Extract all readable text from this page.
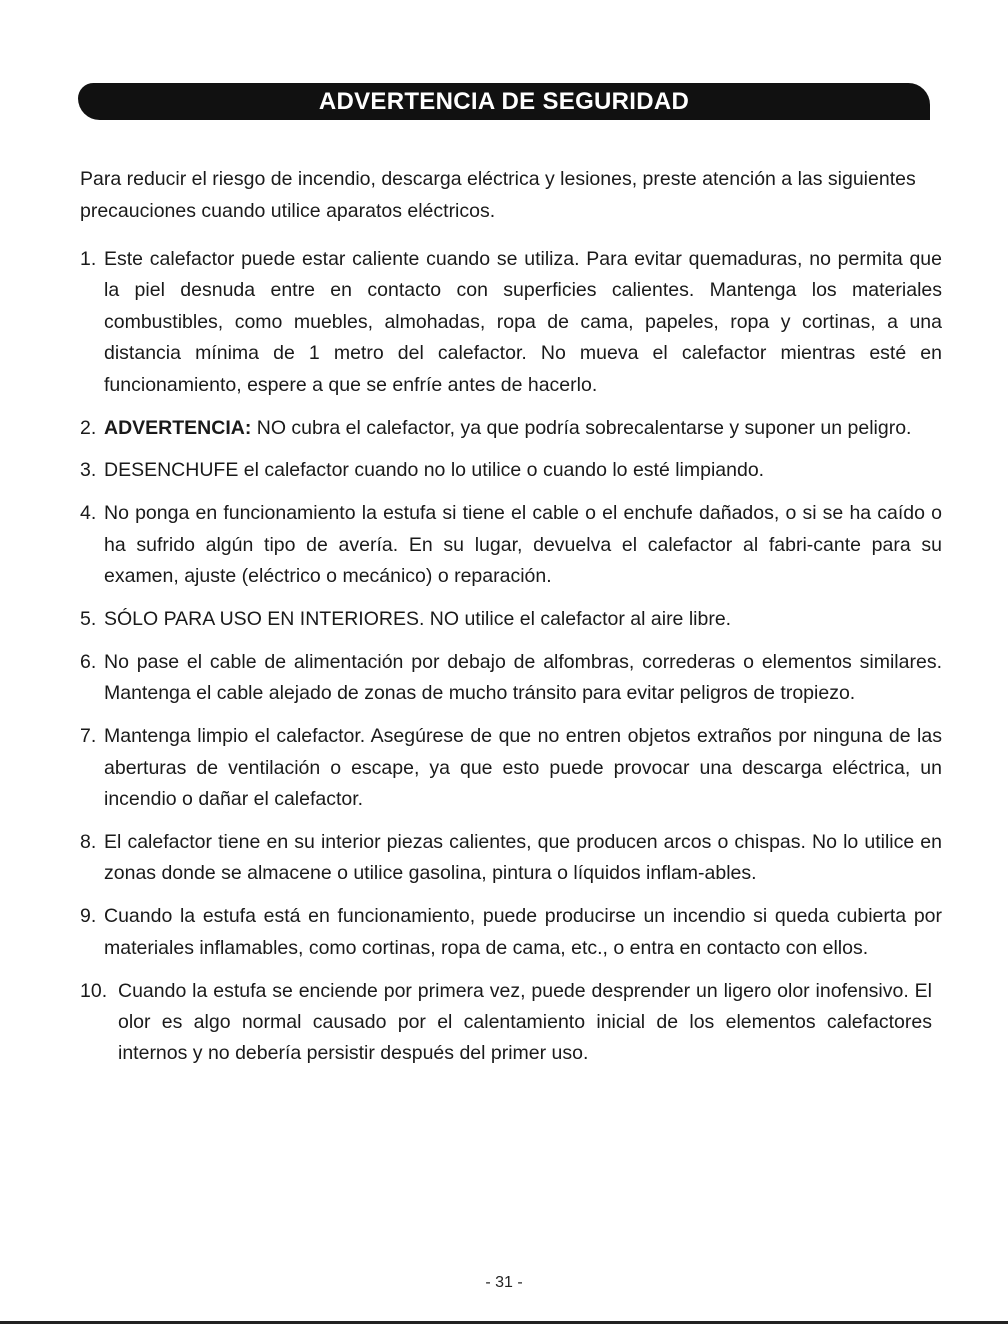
ADVERTENCIA DE SEGURIDAD

Para reducir el riesgo de incendio, descarga eléctrica y lesiones, preste atención a las siguientes precauciones cuando utilice aparatos eléctricos.

1. Este calefactor puede estar caliente cuando se utiliza. Para evitar quemaduras, no permita que la piel desnuda entre en contacto con superficies calientes. Mantenga los materiales combustibles, como muebles, almohadas, ropa de cama, papeles, ropa y cortinas, a una distancia mínima de 1 metro del calefactor. No mueva el calefactor mientras esté en funcionamiento, espere a que se enfríe antes de hacerlo.
2. ADVERTENCIA: NO cubra el calefactor, ya que podría sobrecalentarse y suponer un peligro.
3. DESENCHUFE el calefactor cuando no lo utilice o cuando lo esté limpiando.
4. No ponga en funcionamiento la estufa si tiene el cable o el enchufe dañados, o si se ha caído o ha sufrido algún tipo de avería. En su lugar, devuelva el calefactor al fabri-cante para su examen, ajuste (eléctrico o mecánico) o reparación.
5. SÓLO PARA USO EN INTERIORES. NO utilice el calefactor al aire libre.
6. No pase el cable de alimentación por debajo de alfombras, correderas o elementos similares. Mantenga el cable alejado de zonas de mucho tránsito para evitar peligros de tropiezo.
7. Mantenga limpio el calefactor. Asegúrese de que no entren objetos extraños por ninguna de las aberturas de ventilación o escape, ya que esto puede provocar una descarga eléctrica, un incendio o dañar el calefactor.
8. El calefactor tiene en su interior piezas calientes, que producen arcos o chispas. No lo utilice en zonas donde se almacene o utilice gasolina, pintura o líquidos inflam-ables.
9. Cuando la estufa está en funcionamiento, puede producirse un incendio si queda cubierta por materiales inflamables, como cortinas, ropa de cama, etc., o entra en contacto con ellos.
10. Cuando la estufa se enciende por primera vez, puede desprender un ligero olor inofensivo. El olor es algo normal causado por el calentamiento inicial de los elementos calefactores internos y no debería persistir después del primer uso.
- 31 -
